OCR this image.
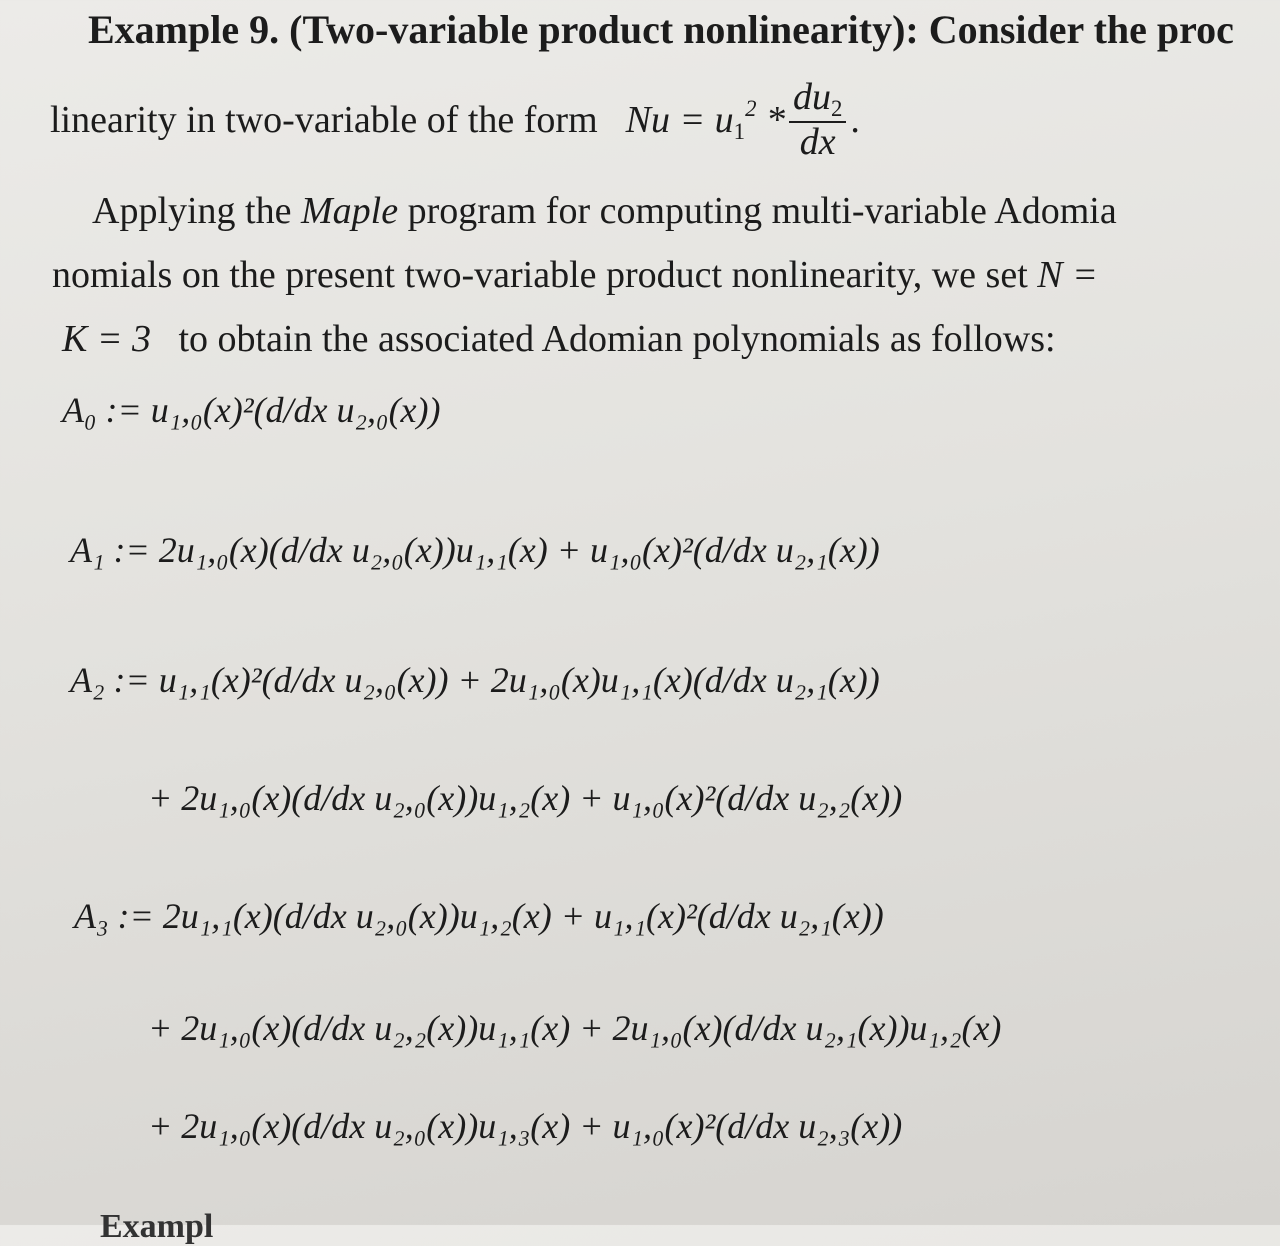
Example 9. (Two-variable product nonlinearity): Consider the proc
linearity in two-variable of the form $Nu = u_1^2 * \frac{du_2}{dx}$ .
Applying the Maple program for computing multi-variable Adomia
nomials on the present two-variable product nonlinearity, we set N =
K = 3 to obtain the associated Adomian polynomials as follows:
A₀ := u₁,₀(x)²(d/dx u₂,₀(x))
A₁ := 2u₁,₀(x)(d/dx u₂,₀(x))u₁,₁(x) + u₁,₀(x)²(d/dx u₂,₁(x))
A₂ := u₁,₁(x)²(d/dx u₂,₀(x)) + 2u₁,₀(x)u₁,₁(x)(d/dx u₂,₁(x))
+ 2u₁,₀(x)(d/dx u₂,₀(x))u₁,₂(x) + u₁,₀(x)²(d/dx u₂,₂(x))
A₃ := 2u₁,₁(x)(d/dx u₂,₀(x))u₁,₂(x) + u₁,₁(x)²(d/dx u₂,₁(x))
+ 2u₁,₀(x)(d/dx u₂,₂(x))u₁,₁(x) + 2u₁,₀(x)(d/dx u₂,₁(x))u₁,₂(x)
+ 2u₁,₀(x)(d/dx u₂,₀(x))u₁,₃(x) + u₁,₀(x)²(d/dx u₂,₃(x))
Exampl
